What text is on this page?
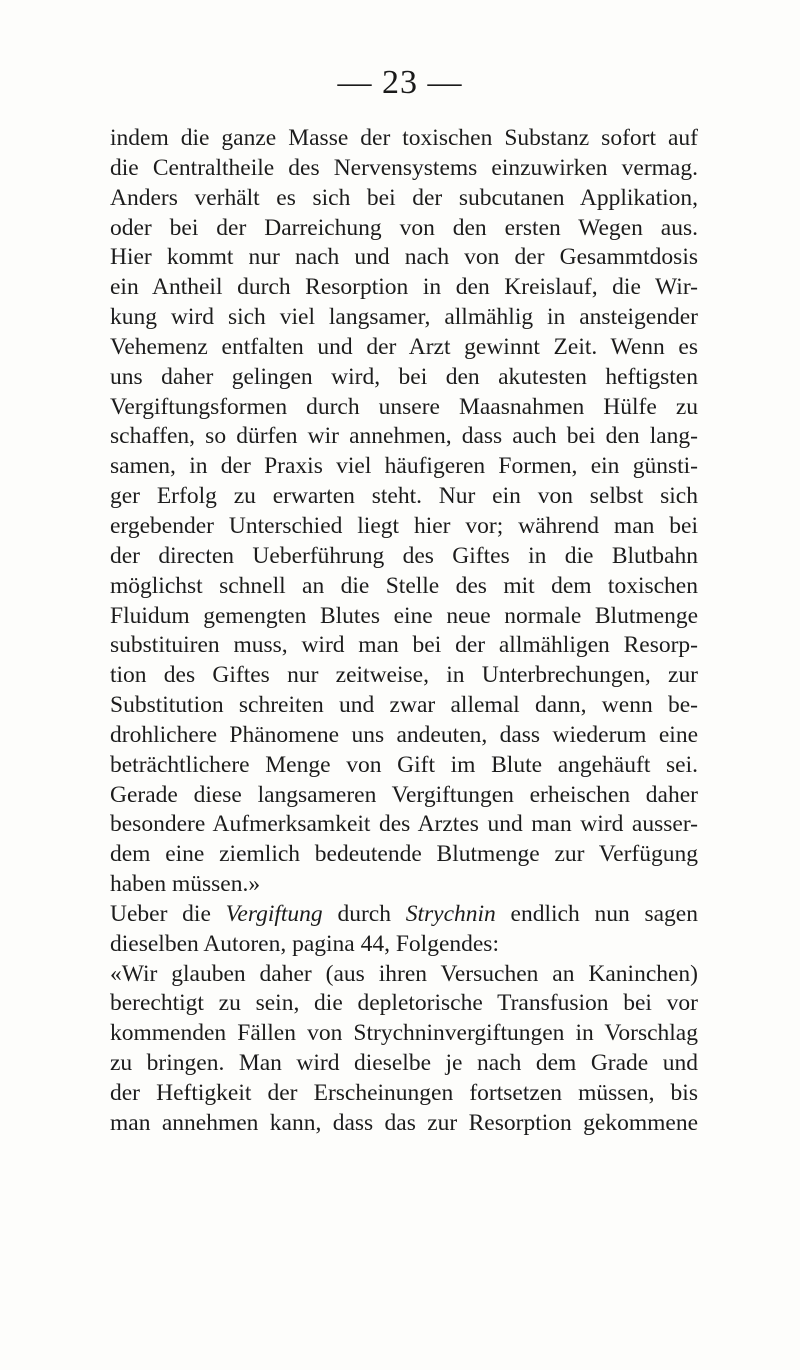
— 23 —
indem die ganze Masse der toxischen Substanz sofort auf
die Centraltheile des Nervensystems einzuwirken vermag.
Anders verhält es sich bei der subcutanen Applikation,
oder bei der Darreichung von den ersten Wegen aus.
Hier kommt nur nach und nach von der Gesammtdosis
ein Antheil durch Resorption in den Kreislauf, die Wir-
kung wird sich viel langsamer, allmählig in ansteigender
Vehemenz entfalten und der Arzt gewinnt Zeit. Wenn es
uns daher gelingen wird, bei den akutesten heftigsten
Vergiftungsformen durch unsere Maasnahmen Hülfe zu
schaffen, so dürfen wir annehmen, dass auch bei den lang-
samen, in der Praxis viel häufigeren Formen, ein günsti-
ger Erfolg zu erwarten steht. Nur ein von selbst sich
ergebender Unterschied liegt hier vor; während man bei
der directen Ueberführung des Giftes in die Blutbahn
möglichst schnell an die Stelle des mit dem toxischen
Fluidum gemengten Blutes eine neue normale Blutmenge
substituiren muss, wird man bei der allmähligen Resorp-
tion des Giftes nur zeitweise, in Unterbrechungen, zur
Substitution schreiten und zwar allemal dann, wenn be-
drohlichere Phänomene uns andeuten, dass wiederum eine
beträchtlichere Menge von Gift im Blute angehäuft sei.
Gerade diese langsameren Vergiftungen erheischen daher
besondere Aufmerksamkeit des Arztes und man wird ausser-
dem eine ziemlich bedeutende Blutmenge zur Verfügung
haben müssen.»
Ueber die Vergiftung durch Strychnin endlich nun sagen
dieselben Autoren, pagina 44, Folgendes:
«Wir glauben daher (aus ihren Versuchen an Kaninchen)
berechtigt zu sein, die depletorische Transfusion bei vor
kommenden Fällen von Strychninvergiftungen in Vorschlag
zu bringen. Man wird dieselbe je nach dem Grade und
der Heftigkeit der Erscheinungen fortsetzen müssen, bis
man annehmen kann, dass das zur Resorption gekommene
